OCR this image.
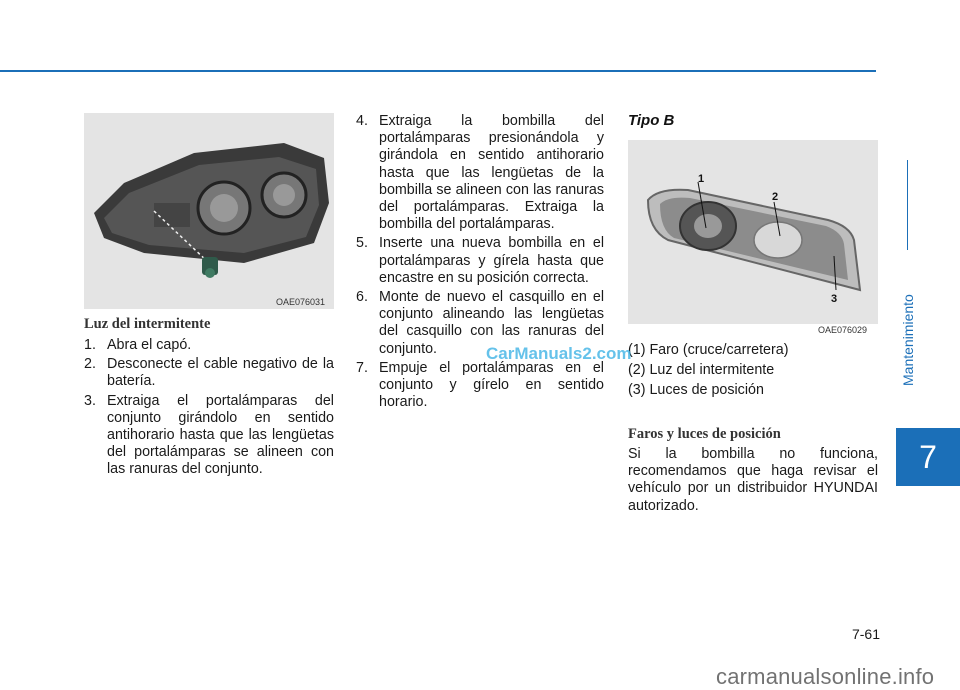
Mantenimiento
7
7-61
OAE076031
Luz del intermitente
1. Abra el capó.
2. Desconecte el cable negativo de la batería.
3. Extraiga el portalámparas del conjunto girándolo en sentido antihorario hasta que las lengüetas del portalámparas se alineen con las ranuras del conjunto.
4. Extraiga la bombilla del portalámparas presionándola y girándola en sentido antihorario hasta que las lengüetas de la bombilla se alineen con las ranuras del portalámparas. Extraiga la bombilla del portalámparas.
5. Inserte una nueva bombilla en el portalámparas y gírela hasta que encastre en su posición correcta.
6. Monte de nuevo el casquillo en el conjunto alineando las lengüetas del casquillo con las ranuras del conjunto.
7. Empuje el portalámparas en el conjunto y gírelo en sentido horario.
Tipo B
1
2
3
OAE076029
(1) Faro (cruce/carretera)
(2) Luz del intermitente
(3) Luces de posición
Faros y luces de posición
Si la bombilla no funciona, recomendamos que haga revisar el vehículo por un distribuidor HYUNDAI autorizado.
CarManuals2.com
carmanualsonline.info
